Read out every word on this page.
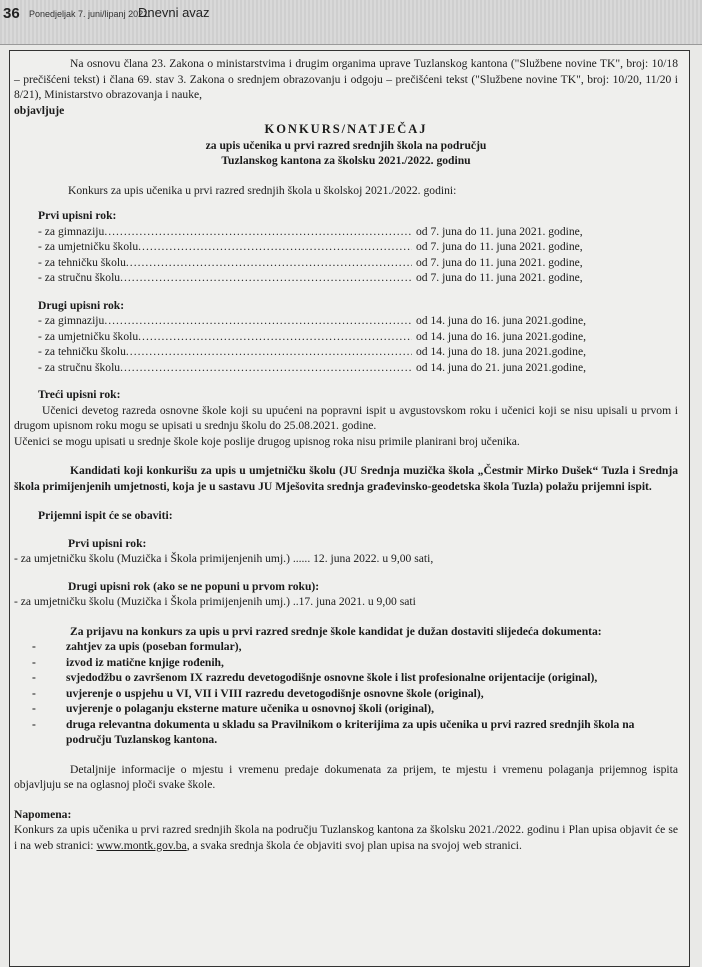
36 Ponedjeljak 7. juni/lipanj 2021.
Dnevni avaz

Na osnovu člana 23. Zakona o ministarstvima i drugim organima uprave Tuzlanskog kantona ("Službene novine TK", broj: 10/18 – prečišćeni tekst) i člana 69. stav 3. Zakona o srednjem obrazovanju i odgoju – prečišćeni tekst ("Službene novine TK", broj: 10/20, 11/20 i 8/21), Ministarstvo obrazovanja i nauke,

objavljuje

KONKURS/NATJEČAJ

za upis učenika u prvi razred srednjih škola na području

Tuzlanskog kantona za školsku 2021./2022. godinu

Konkurs za upis učenika u prvi razred srednjih škola u školskoj 2021./2022. godini:

Prvi upisni rok:

- za gimnaziju .....	od 7. juna do 11. juna 2021. godine,
- za umjetničku školu .....	od 7. juna do 11. juna 2021. godine,
- za tehničku školu .....	od 7. juna do 11. juna 2021. godine,
- za stručnu školu .....	od 7. juna do 11. juna 2021. godine,

Drugi upisni rok:

- za gimnaziju .....	od 14. juna do 16. juna 2021.godine,
- za umjetničku školu .....	od 14. juna do 16. juna 2021.godine,
- za tehničku školu .....	od 14. juna do 18. juna 2021.godine,
- za stručnu školu .....	od 14. juna do 21. juna 2021.godine,

Treći upisni rok:

Učenici devetog razreda osnovne škole koji su upućeni na popravni ispit u avgustovskom roku i učenici koji se nisu upisali u prvom i drugom upisnom roku mogu se upisati u srednju školu do 25.08.2021. godine.

Učenici se mogu upisati u srednje škole koje poslije drugog upisnog roka nisu primile planirani broj učenika.

Kandidati koji konkurišu za upis u umjetničku školu (JU Srednja muzička škola „Čestmir Mirko Dušek“ Tuzla i Srednja škola primijenjenih umjetnosti, koja je u sastavu JU Mješovita srednja građevinsko-geodetska škola Tuzla) polažu prijemni ispit.

Prijemni ispit će se obaviti:

Prvi upisni rok:

- za umjetničku školu (Muzička i Škola primijenjenih umj.) ...... 12. juna 2022. u 9,00 sati,

Drugi upisni rok (ako se ne popuni u prvom roku):

- za umjetničku školu (Muzička i Škola primijenjenih umj.) ..17. juna 2021. u 9,00 sati

Za prijavu na konkurs za upis u prvi razred srednje škole kandidat je dužan dostaviti slijedeća dokumenta:

- zahtjev za upis (poseban formular),
- izvod iz matične knjige rođenih,
- svjedodžbu o završenom IX razredu devetogodišnje osnovne škole i list profesionalne orijentacije (original),
- uvjerenje o uspjehu u VI, VII i VIII razredu devetogodišnje osnovne škole (original),
- uvjerenje o polaganju eksterne mature učenika u osnovnoj školi (original),
- druga relevantna dokumenta u skladu sa Pravilnikom o kriterijima za upis učenika u prvi razred srednjih škola na području Tuzlanskog kantona.

Detaljnije informacije o mjestu i vremenu predaje dokumenata za prijem, te mjestu i vremenu polaganja prijemnog ispita objavljuju se na oglasnoj ploči svake škole.

Napomena:

Konkurs za upis učenika u prvi razred srednjih škola na području Tuzlanskog kantona za školsku 2021./2022. godinu i Plan upisa objavit će se i na web stranici: www.montk.gov.ba, a svaka srednja škola će objaviti svoj plan upisa na svojoj web stranici.
